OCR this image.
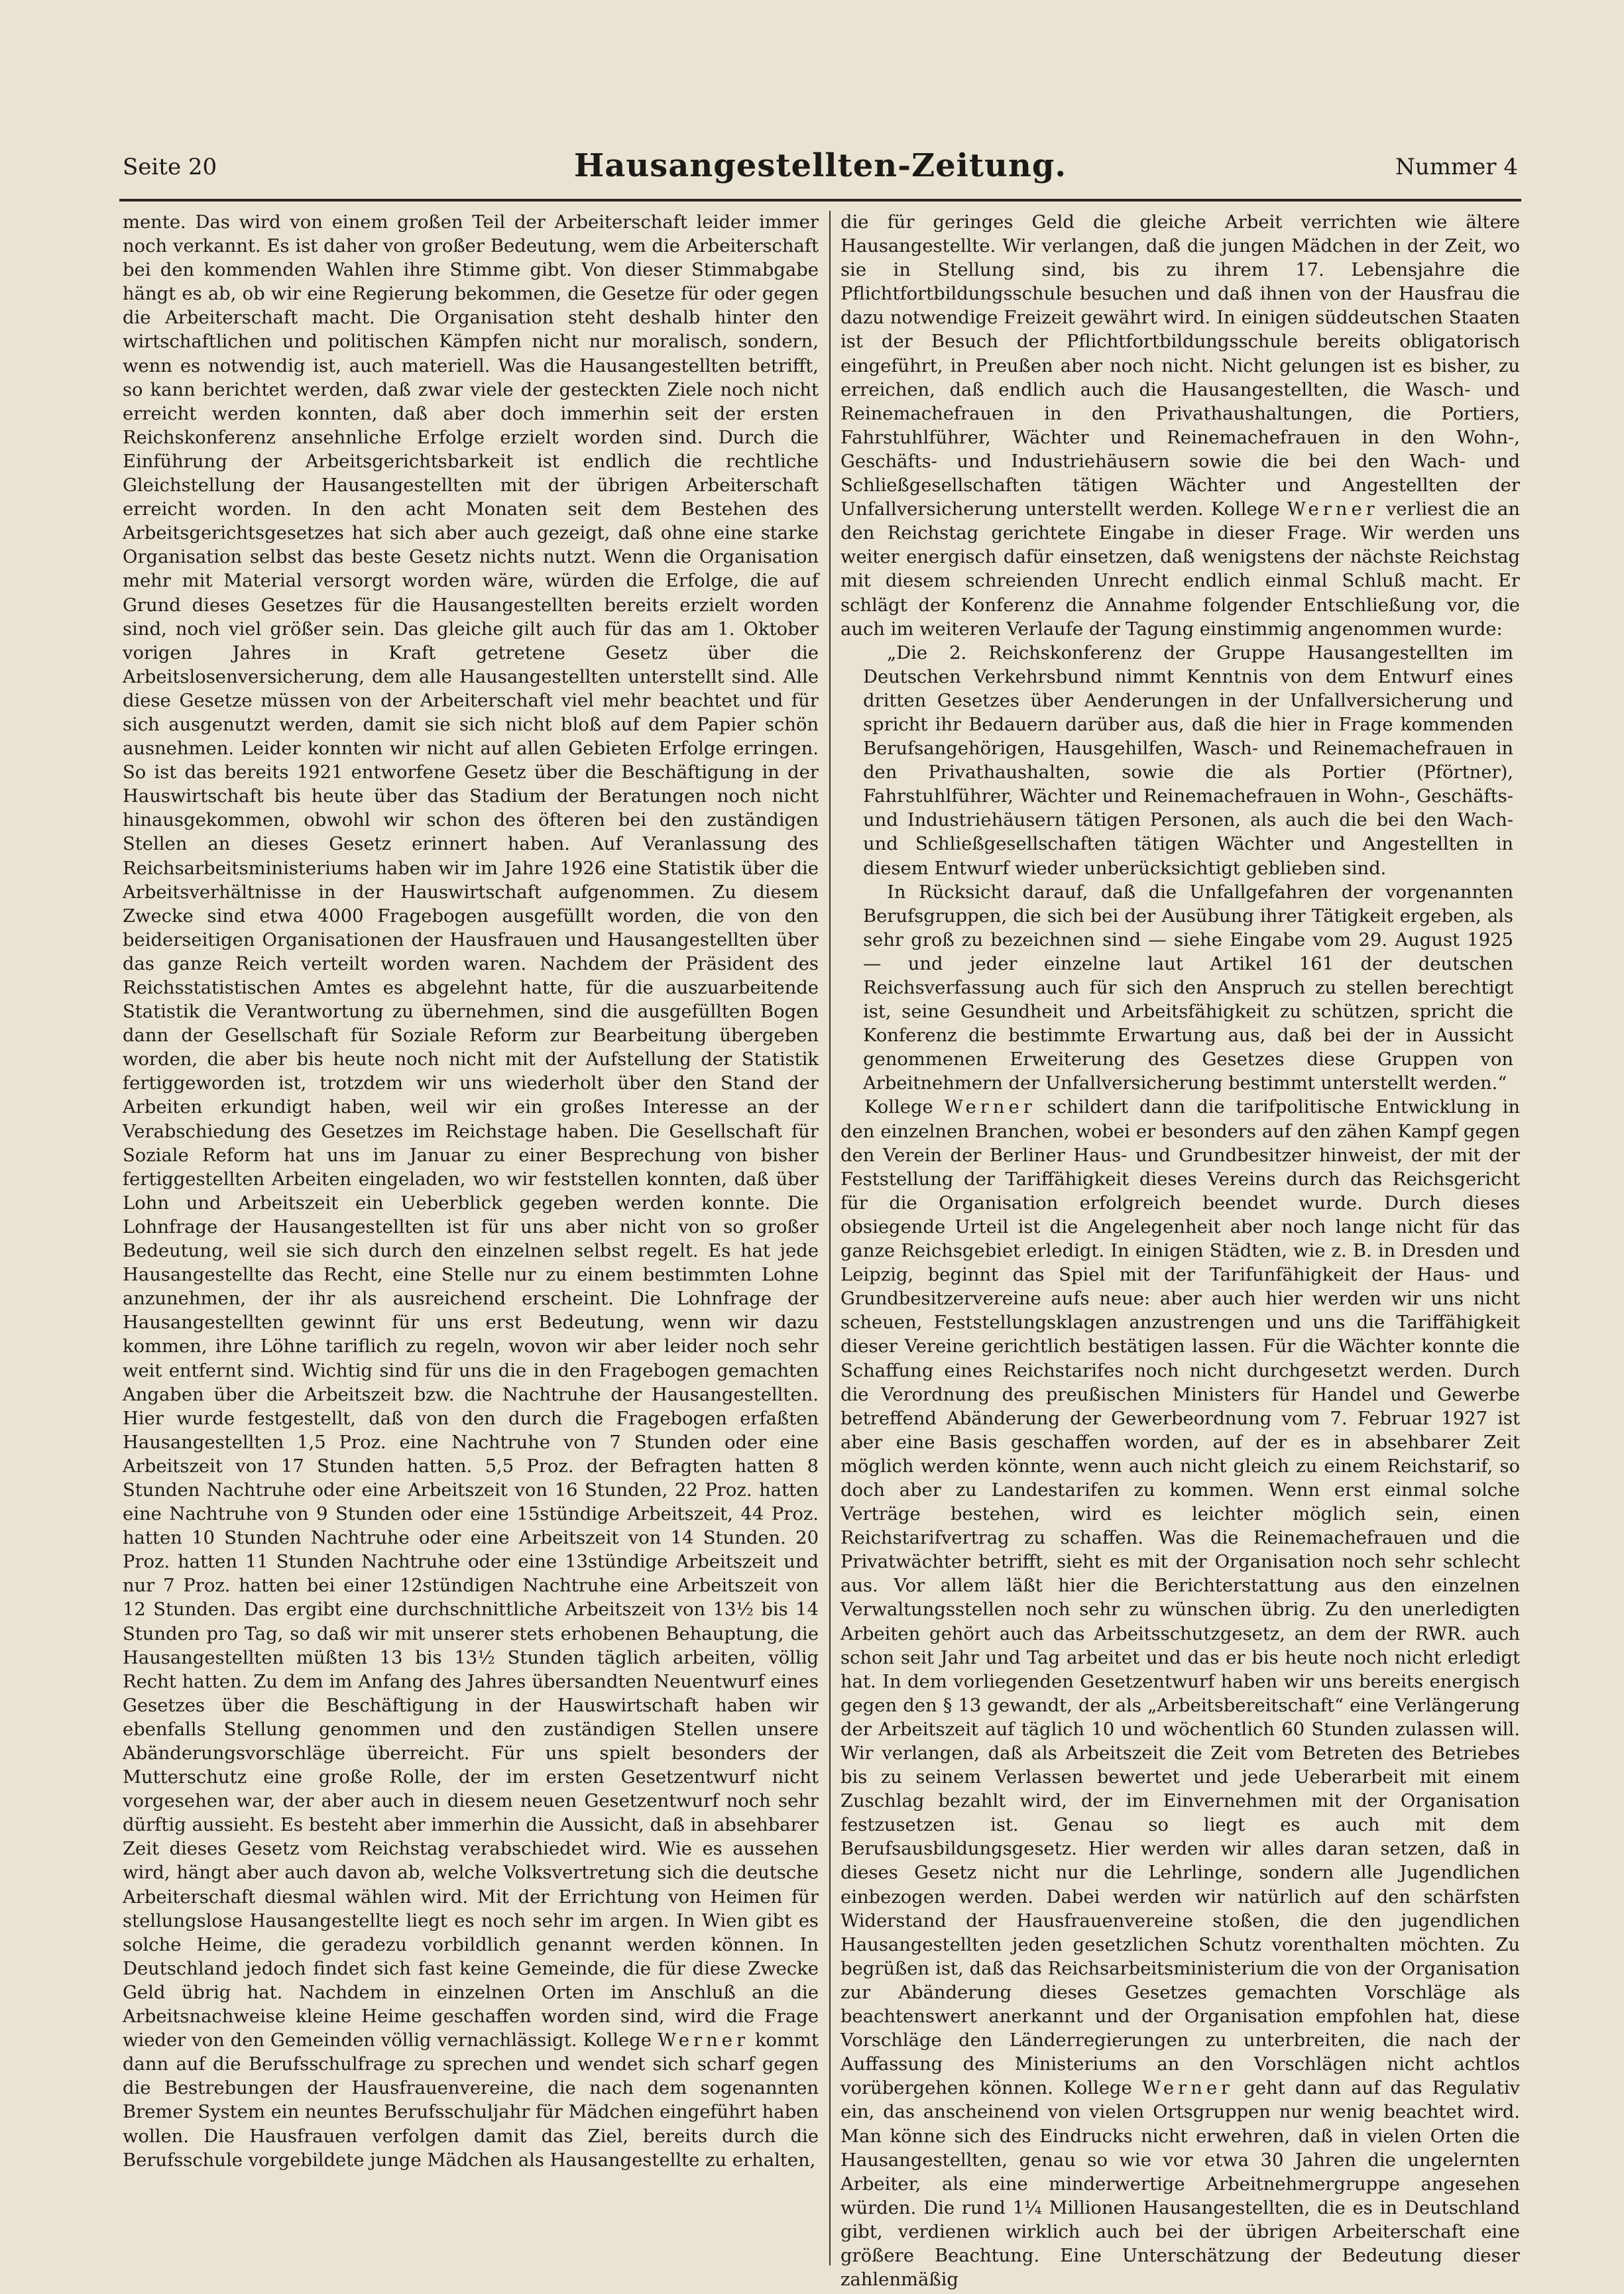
Seite 20	Hausangestellten-Zeitung.	Nummer 4

mente. Das wird von einem großen Teil der Arbeiterschaft leider immer noch verkannt. Es ist daher von großer Bedeutung, wem die Arbeiterschaft bei den kommenden Wahlen ihre Stimme gibt. Von dieser Stimmabgabe hängt es ab, ob wir eine Regierung bekommen, die Gesetze für oder gegen die Arbeiterschaft macht. Die Organisation steht deshalb hinter den wirtschaftlichen und politischen Kämpfen nicht nur moralisch, sondern, wenn es notwendig ist, auch materiell. Was die Hausangestellten betrifft, so kann berichtet werden, daß zwar viele der gesteckten Ziele noch nicht erreicht werden konnten, daß aber doch immerhin seit der ersten Reichskonferenz ansehnliche Erfolge erzielt worden sind. Durch die Einführung der Arbeitsgerichtsbarkeit ist endlich die rechtliche Gleichstellung der Hausangestellten mit der übrigen Arbeiterschaft erreicht worden. In den acht Monaten seit dem Bestehen des Arbeitsgerichtsgesetzes hat sich aber auch gezeigt, daß ohne eine starke Organisation selbst das beste Gesetz nichts nutzt. Wenn die Organisation mehr mit Material versorgt worden wäre, würden die Erfolge, die auf Grund dieses Gesetzes für die Hausangestellten bereits erzielt worden sind, noch viel größer sein. Das gleiche gilt auch für das am 1. Oktober vorigen Jahres in Kraft getretene Gesetz über die Arbeitslosenversicherung, dem alle Hausangestellten unterstellt sind. Alle diese Gesetze müssen von der Arbeiterschaft viel mehr beachtet und für sich ausgenutzt werden, damit sie sich nicht bloß auf dem Papier schön ausnehmen. Leider konnten wir nicht auf allen Gebieten Erfolge erringen. So ist das bereits 1921 entworfene Gesetz über die Beschäftigung in der Hauswirtschaft bis heute über das Stadium der Beratungen noch nicht hinausgekommen, obwohl wir schon des öfteren bei den zuständigen Stellen an dieses Gesetz erinnert haben. Auf Veranlassung des Reichsarbeitsministeriums haben wir im Jahre 1926 eine Statistik über die Arbeitsverhältnisse in der Hauswirtschaft aufgenommen. Zu diesem Zwecke sind etwa 4000 Fragebogen ausgefüllt worden, die von den beiderseitigen Organisationen der Hausfrauen und Hausangestellten über das ganze Reich verteilt worden waren. Nachdem der Präsident des Reichsstatistischen Amtes es abgelehnt hatte, für die auszuarbeitende Statistik die Verantwortung zu übernehmen, sind die ausgefüllten Bogen dann der Gesellschaft für Soziale Reform zur Bearbeitung übergeben worden, die aber bis heute noch nicht mit der Aufstellung der Statistik fertiggeworden ist, trotzdem wir uns wiederholt über den Stand der Arbeiten erkundigt haben, weil wir ein großes Interesse an der Verabschiedung des Gesetzes im Reichstage haben. Die Gesellschaft für Soziale Reform hat uns im Januar zu einer Besprechung von bisher fertiggestellten Arbeiten eingeladen, wo wir feststellen konnten, daß über Lohn und Arbeitszeit ein Ueberblick gegeben werden konnte. Die Lohnfrage der Hausangestellten ist für uns aber nicht von so großer Bedeutung, weil sie sich durch den einzelnen selbst regelt. Es hat jede Hausangestellte das Recht, eine Stelle nur zu einem bestimmten Lohne anzunehmen, der ihr als ausreichend erscheint. Die Lohnfrage der Hausangestellten gewinnt für uns erst Bedeutung, wenn wir dazu kommen, ihre Löhne tariflich zu regeln, wovon wir aber leider noch sehr weit entfernt sind. Wichtig sind für uns die in den Fragebogen gemachten Angaben über die Arbeitszeit bzw. die Nachtruhe der Hausangestellten. Hier wurde festgestellt, daß von den durch die Fragebogen erfaßten Hausangestellten 1,5 Proz. eine Nachtruhe von 7 Stunden oder eine Arbeitszeit von 17 Stunden hatten. 5,5 Proz. der Befragten hatten 8 Stunden Nachtruhe oder eine Arbeitszeit von 16 Stunden, 22 Proz. hatten eine Nachtruhe von 9 Stunden oder eine 15stündige Arbeitszeit, 44 Proz. hatten 10 Stunden Nachtruhe oder eine Arbeitszeit von 14 Stunden. 20 Proz. hatten 11 Stunden Nachtruhe oder eine 13stündige Arbeitszeit und nur 7 Proz. hatten bei einer 12stündigen Nachtruhe eine Arbeitszeit von 12 Stunden. Das ergibt eine durchschnittliche Arbeitszeit von 13½ bis 14 Stunden pro Tag, so daß wir mit unserer stets erhobenen Behauptung, die Hausangestellten müßten 13 bis 13½ Stunden täglich arbeiten, völlig Recht hatten. Zu dem im Anfang des Jahres übersandten Neuentwurf eines Gesetzes über die Beschäftigung in der Hauswirtschaft haben wir ebenfalls Stellung genommen und den zuständigen Stellen unsere Abänderungsvorschläge überreicht. Für uns spielt besonders der Mutterschutz eine große Rolle, der im ersten Gesetzentwurf nicht vorgesehen war, der aber auch in diesem neuen Gesetzentwurf noch sehr dürftig aussieht. Es besteht aber immerhin die Aussicht, daß in absehbarer Zeit dieses Gesetz vom Reichstag verabschiedet wird. Wie es aussehen wird, hängt aber auch davon ab, welche Volksvertretung sich die deutsche Arbeiterschaft diesmal wählen wird. Mit der Errichtung von Heimen für stellungslose Hausangestellte liegt es noch sehr im argen. In Wien gibt es solche Heime, die geradezu vorbildlich genannt werden können. In Deutschland jedoch findet sich fast keine Gemeinde, die für diese Zwecke Geld übrig hat. Nachdem in einzelnen Orten im Anschluß an die Arbeitsnachweise kleine Heime geschaffen worden sind, wird die Frage wieder von den Gemeinden völlig vernachlässigt. Kollege Werner kommt dann auf die Berufsschulfrage zu sprechen und wendet sich scharf gegen die Bestrebungen der Hausfrauenvereine, die nach dem sogenannten Bremer System ein neuntes Berufsschuljahr für Mädchen eingeführt haben wollen. Die Hausfrauen verfolgen damit das Ziel, bereits durch die Berufsschule vorgebildete junge Mädchen als Hausangestellte zu erhalten,

die für geringes Geld die gleiche Arbeit verrichten wie ältere Hausangestellte. Wir verlangen, daß die jungen Mädchen in der Zeit, wo sie in Stellung sind, bis zu ihrem 17. Lebensjahre die Pflichtfortbildungsschule besuchen und daß ihnen von der Hausfrau die dazu notwendige Freizeit gewährt wird. In einigen süddeutschen Staaten ist der Besuch der Pflichtfortbildungsschule bereits obligatorisch eingeführt, in Preußen aber noch nicht. Nicht gelungen ist es bisher, zu erreichen, daß endlich auch die Hausangestellten, die Wasch- und Reinemachefrauen in den Privathaushaltungen, die Portiers, Fahrstuhlführer, Wächter und Reinemachefrauen in den Wohn-, Geschäfts- und Industriehäusern sowie die bei den Wach- und Schließgesellschaften tätigen Wächter und Angestellten der Unfallversicherung unterstellt werden. Kollege Werner verliest die an den Reichstag gerichtete Eingabe in dieser Frage. Wir werden uns weiter energisch dafür einsetzen, daß wenigstens der nächste Reichstag mit diesem schreienden Unrecht endlich einmal Schluß macht. Er schlägt der Konferenz die Annahme folgender Entschließung vor, die auch im weiteren Verlaufe der Tagung einstimmig angenommen wurde:

„Die 2. Reichskonferenz der Gruppe Hausangestellten im Deutschen Verkehrsbund nimmt Kenntnis von dem Entwurf eines dritten Gesetzes über Aenderungen in der Unfallversicherung und spricht ihr Bedauern darüber aus, daß die hier in Frage kommenden Berufsangehörigen, Hausgehilfen, Wasch- und Reinemachefrauen in den Privathaushalten, sowie die als Portier (Pförtner), Fahrstuhlführer, Wächter und Reinemachefrauen in Wohn-, Geschäfts- und Industriehäusern tätigen Personen, als auch die bei den Wach- und Schließgesellschaften tätigen Wächter und Angestellten in diesem Entwurf wieder unberücksichtigt geblieben sind.

In Rücksicht darauf, daß die Unfallgefahren der vorgenannten Berufsgruppen, die sich bei der Ausübung ihrer Tätigkeit ergeben, als sehr groß zu bezeichnen sind — siehe Eingabe vom 29. August 1925 — und jeder einzelne laut Artikel 161 der deutschen Reichsverfassung auch für sich den Anspruch zu stellen berechtigt ist, seine Gesundheit und Arbeitsfähigkeit zu schützen, spricht die Konferenz die bestimmte Erwartung aus, daß bei der in Aussicht genommenen Erweiterung des Gesetzes diese Gruppen von Arbeitnehmern der Unfallversicherung bestimmt unterstellt werden.“

Kollege Werner schildert dann die tarifpolitische Entwicklung in den einzelnen Branchen, wobei er besonders auf den zähen Kampf gegen den Verein der Berliner Haus- und Grundbesitzer hinweist, der mit der Feststellung der Tariffähigkeit dieses Vereins durch das Reichsgericht für die Organisation erfolgreich beendet wurde. Durch dieses obsiegende Urteil ist die Angelegenheit aber noch lange nicht für das ganze Reichsgebiet erledigt. In einigen Städten, wie z. B. in Dresden und Leipzig, beginnt das Spiel mit der Tarifunfähigkeit der Haus- und Grundbesitzervereine aufs neue: aber auch hier werden wir uns nicht scheuen, Feststellungsklagen anzustrengen und uns die Tariffähigkeit dieser Vereine gerichtlich bestätigen lassen. Für die Wächter konnte die Schaffung eines Reichstarifes noch nicht durchgesetzt werden. Durch die Verordnung des preußischen Ministers für Handel und Gewerbe betreffend Abänderung der Gewerbeordnung vom 7. Februar 1927 ist aber eine Basis geschaffen worden, auf der es in absehbarer Zeit möglich werden könnte, wenn auch nicht gleich zu einem Reichstarif, so doch aber zu Landestarifen zu kommen. Wenn erst einmal solche Verträge bestehen, wird es leichter möglich sein, einen Reichstarifvertrag zu schaffen. Was die Reinemachefrauen und die Privatwächter betrifft, sieht es mit der Organisation noch sehr schlecht aus. Vor allem läßt hier die Berichterstattung aus den einzelnen Verwaltungsstellen noch sehr zu wünschen übrig. Zu den unerledigten Arbeiten gehört auch das Arbeitsschutzgesetz, an dem der RWR. auch schon seit Jahr und Tag arbeitet und das er bis heute noch nicht erledigt hat. In dem vorliegenden Gesetzentwurf haben wir uns bereits energisch gegen den § 13 gewandt, der als „Arbeitsbereitschaft“ eine Verlängerung der Arbeitszeit auf täglich 10 und wöchentlich 60 Stunden zulassen will. Wir verlangen, daß als Arbeitszeit die Zeit vom Betreten des Betriebes bis zu seinem Verlassen bewertet und jede Ueberarbeit mit einem Zuschlag bezahlt wird, der im Einvernehmen mit der Organisation festzusetzen ist. Genau so liegt es auch mit dem Berufsausbildungsgesetz. Hier werden wir alles daran setzen, daß in dieses Gesetz nicht nur die Lehrlinge, sondern alle Jugendlichen einbezogen werden. Dabei werden wir natürlich auf den schärfsten Widerstand der Hausfrauenvereine stoßen, die den jugendlichen Hausangestellten jeden gesetzlichen Schutz vorenthalten möchten. Zu begrüßen ist, daß das Reichsarbeitsministerium die von der Organisation zur Abänderung dieses Gesetzes gemachten Vorschläge als beachtenswert anerkannt und der Organisation empfohlen hat, diese Vorschläge den Länderregierungen zu unterbreiten, die nach der Auffassung des Ministeriums an den Vorschlägen nicht achtlos vorübergehen können. Kollege Werner geht dann auf das Regulativ ein, das anscheinend von vielen Ortsgruppen nur wenig beachtet wird. Man könne sich des Eindrucks nicht erwehren, daß in vielen Orten die Hausangestellten, genau so wie vor etwa 30 Jahren die ungelernten Arbeiter, als eine minderwertige Arbeitnehmergruppe angesehen würden. Die rund 1¼ Millionen Hausangestellten, die es in Deutschland gibt, verdienen wirklich auch bei der übrigen Arbeiterschaft eine größere Beachtung. Eine Unterschätzung der Bedeutung dieser zahlenmäßig
